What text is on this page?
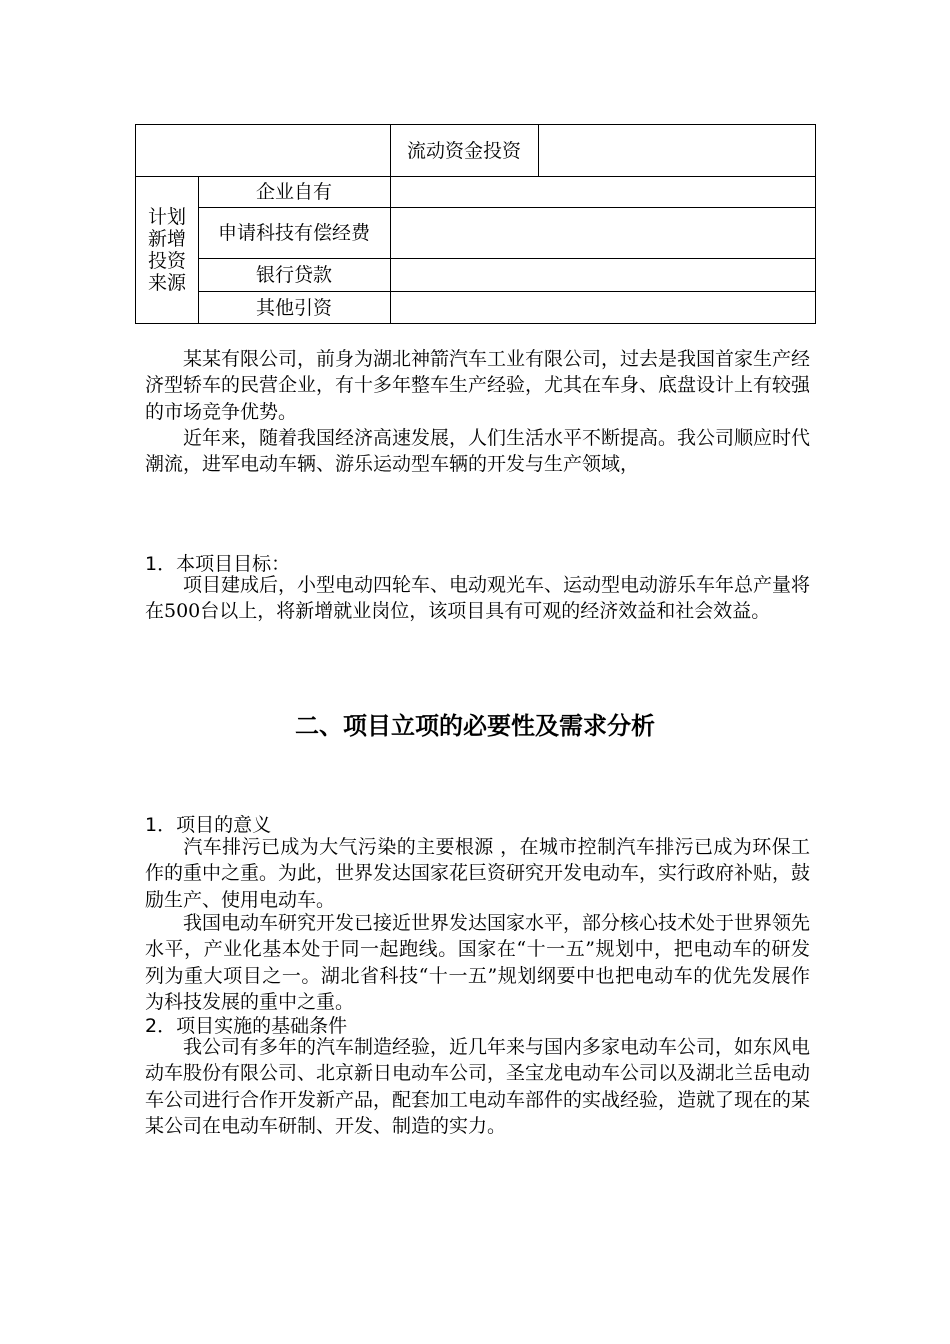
流动资金投资
计划新增投资来源
企业自有
申请科技有偿经费
银行贷款
其他引资
某某有限公司，前身为湖北神箭汽车工业有限公司，过去是我国首家生产经济型轿车的民营企业，有十多年整车生产经验，尤其在车身、底盘设计上有较强的市场竞争优势。
近年来，随着我国经济高速发展，人们生活水平不断提高。我公司顺应时代潮流，进军电动车辆、游乐运动型车辆的开发与生产领域，
1．本项目目标：
项目建成后，小型电动四轮车、电动观光车、运动型电动游乐车年总产量将在500台以上，将新增就业岗位，该项目具有可观的经济效益和社会效益。
二、项目立项的必要性及需求分析
1．项目的意义
汽车排污已成为大气污染的主要根源 ，在城市控制汽车排污已成为环保工作的重中之重。为此，世界发达国家花巨资研究开发电动车，实行政府补贴，鼓励生产、使用电动车。
我国电动车研究开发已接近世界发达国家水平，部分核心技术处于世界领先水平，产业化基本处于同一起跑线。国家在“十一五”规划中，把电动车的研发列为重大项目之一。湖北省科技“十一五”规划纲要中也把电动车的优先发展作为科技发展的重中之重。
2．项目实施的基础条件
我公司有多年的汽车制造经验，近几年来与国内多家电动车公司，如东风电动车股份有限公司、北京新日电动车公司，圣宝龙电动车公司以及湖北兰岳电动车公司进行合作开发新产品，配套加工电动车部件的实战经验，造就了现在的某某公司在电动车研制、开发、制造的实力。
